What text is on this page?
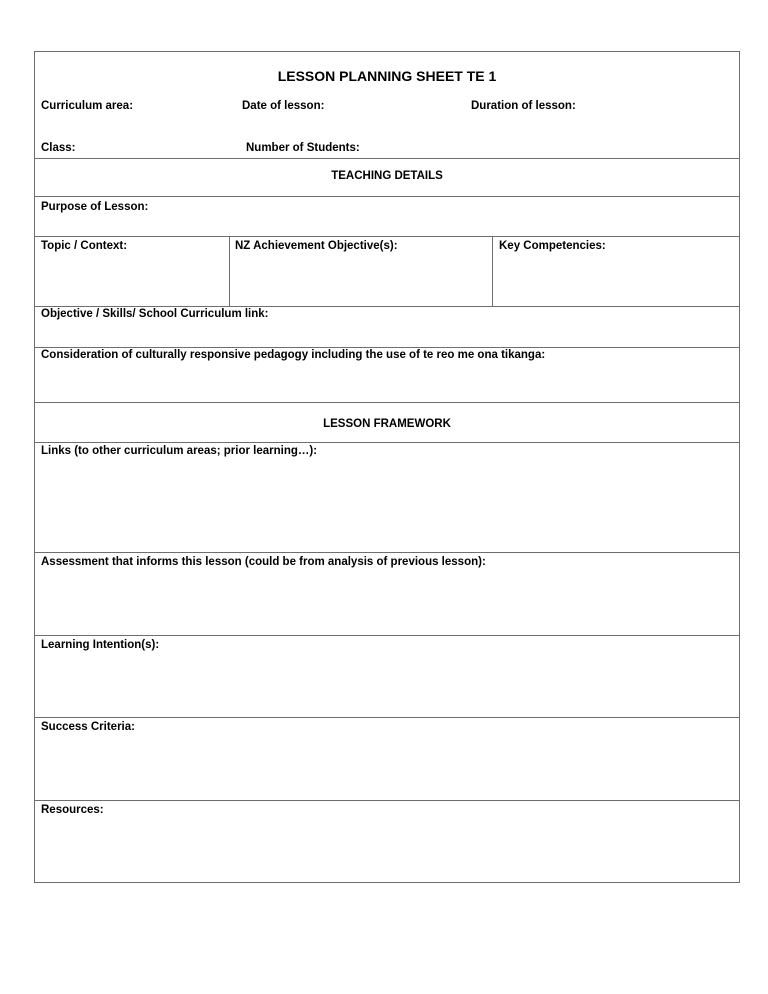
LESSON PLANNING SHEET TE 1
Curriculum area:	Date of lesson:	Duration of lesson:
Class:	Number of Students:
TEACHING DETAILS
Purpose of Lesson:
Topic / Context:	NZ Achievement Objective(s):	Key Competencies:
Objective / Skills/ School Curriculum link:
Consideration of culturally responsive pedagogy including the use of te reo me ona tikanga:
LESSON FRAMEWORK
Links (to other curriculum areas; prior learning…):
Assessment that informs this lesson (could be from analysis of previous lesson):
Learning Intention(s):
Success Criteria:
Resources:
